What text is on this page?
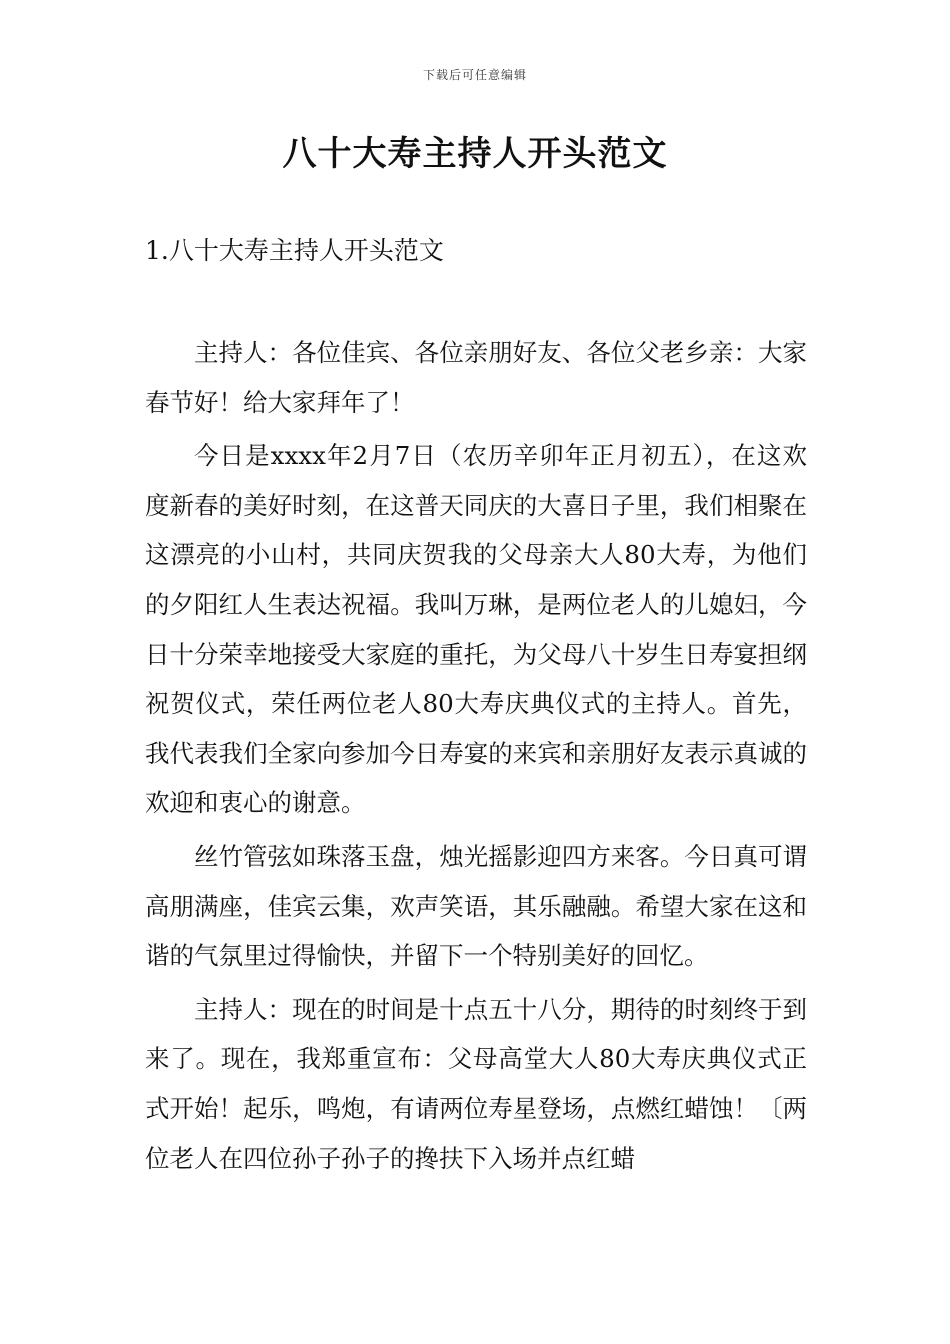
下载后可任意编辑
八十大寿主持人开头范文
1.八十大寿主持人开头范文

主持人：各位佳宾、各位亲朋好友、各位父老乡亲：大家春节好！给大家拜年了！

今日是xxxx年2月7日（农历辛卯年正月初五），在这欢度新春的美好时刻，在这普天同庆的大喜日子里，我们相聚在这漂亮的小山村，共同庆贺我的父母亲大人80大寿，为他们的夕阳红人生表达祝福。我叫万琳，是两位老人的儿媳妇，今日十分荣幸地接受大家庭的重托，为父母八十岁生日寿宴担纲祝贺仪式，荣任两位老人80大寿庆典仪式的主持人。首先，我代表我们全家向参加今日寿宴的来宾和亲朋好友表示真诚的欢迎和衷心的谢意。

丝竹管弦如珠落玉盘，烛光摇影迎四方来客。今日真可谓高朋满座，佳宾云集，欢声笑语，其乐融融。希望大家在这和谐的气氛里过得愉快，并留下一个特别美好的回忆。

主持人：现在的时间是十点五十八分，期待的时刻终于到来了。现在，我郑重宣布：父母高堂大人80大寿庆典仪式正式开始！起乐，鸣炮，有请两位寿星登场，点燃红蜡蚀！〔两位老人在四位孙子孙子的搀扶下入场并点红蜡
